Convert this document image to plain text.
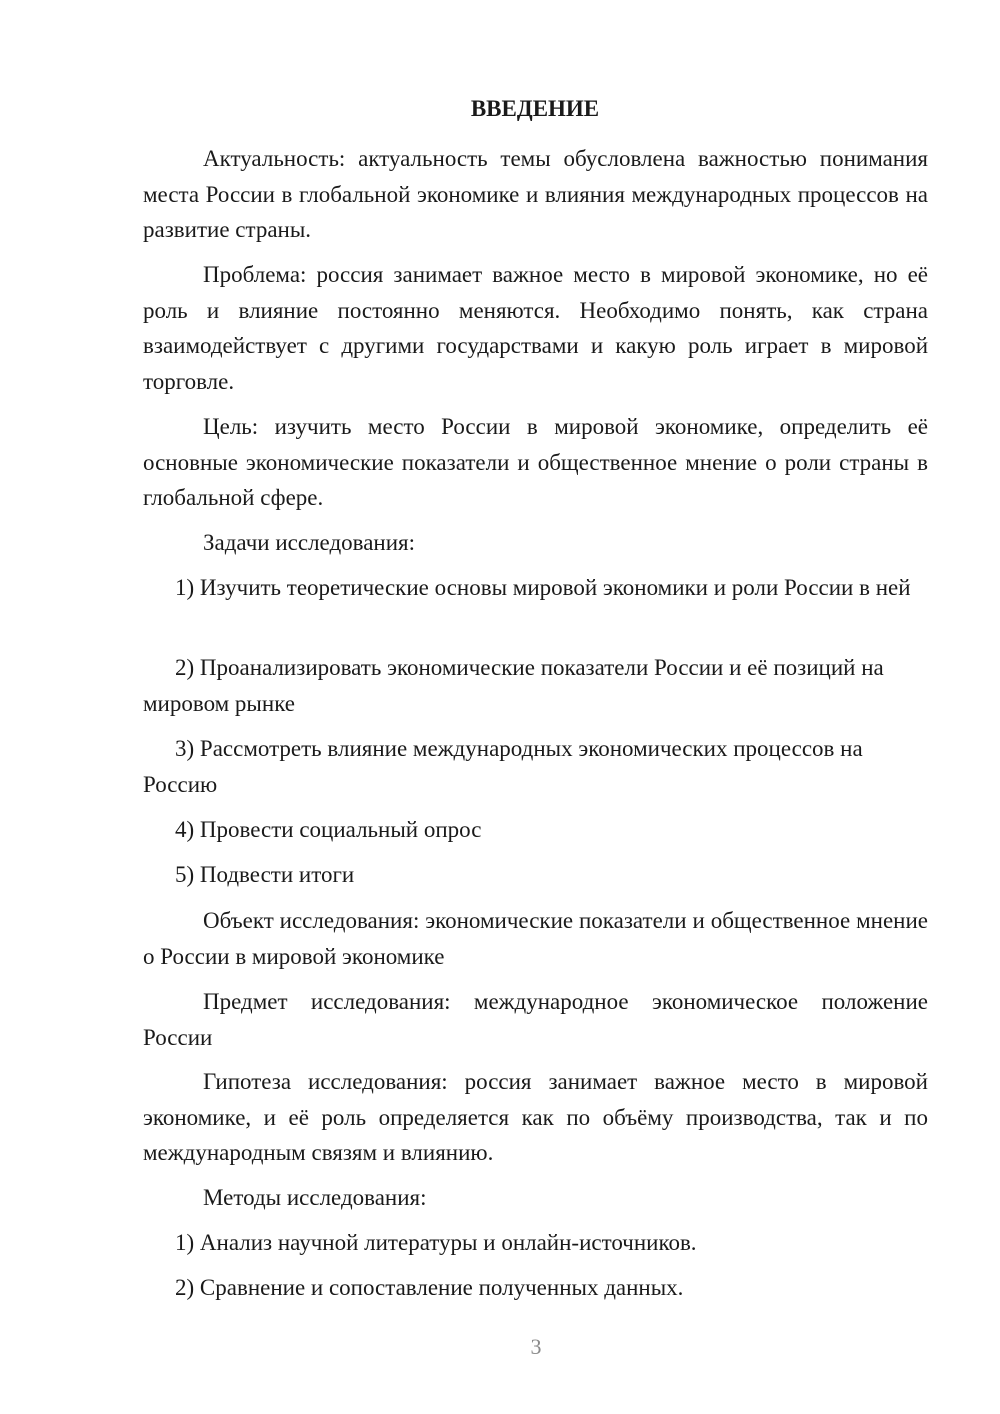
ВВЕДЕНИЕ

Актуальность: актуальность темы обусловлена важностью понимания места России в глобальной экономике и влияния международных процессов на развитие страны.

Проблема: россия занимает важное место в мировой экономике, но её роль и влияние постоянно меняются. Необходимо понять, как страна взаимодействует с другими государствами и какую роль играет в мировой торговле.

Цель: изучить место России в мировой экономике, определить её основные экономические показатели и общественное мнение о роли страны в глобальной сфере.

Задачи исследования:

1) Изучить теоретические основы мировой экономики и роли России в ней

2) Проанализировать экономические показатели России и её позиций на мировом рынке

3) Рассмотреть влияние международных экономических процессов на Россию

4) Провести социальный опрос

5) Подвести итоги

Объект исследования: экономические показатели и общественное мнение о России в мировой экономике

Предмет исследования: международное экономическое положение России

Гипотеза исследования: россия занимает важное место в мировой экономике, и её роль определяется как по объёму производства, так и по международным связям и влиянию.

Методы исследования:

1) Анализ научной литературы и онлайн-источников.

2) Сравнение и сопоставление полученных данных.

3
